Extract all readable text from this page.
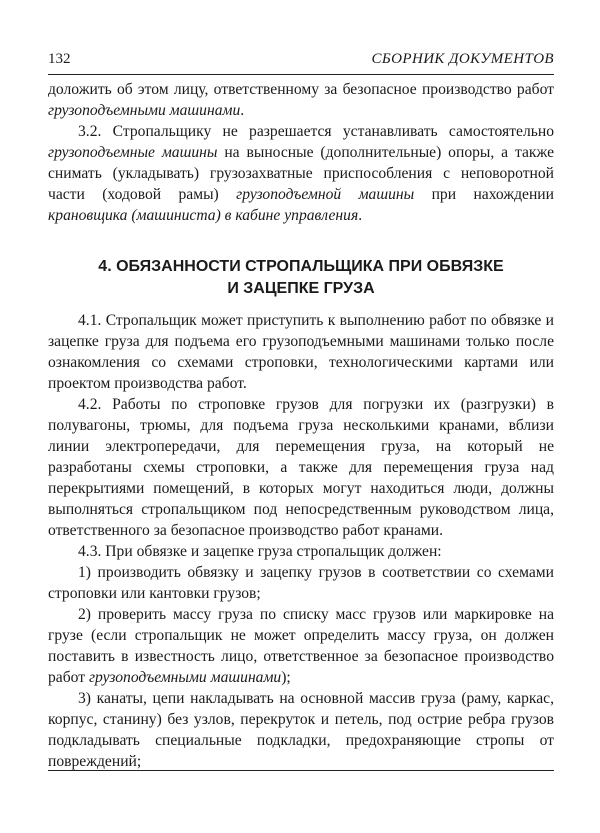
132	СБОРНИК ДОКУМЕНТОВ

доложить об этом лицу, ответственному за безопасное производство работ грузоподъемными машинами.

3.2. Стропальщику не разрешается устанавливать самостоятельно грузоподъемные машины на выносные (дополнительные) опоры, а также снимать (укладывать) грузозахватные приспособления с неповоротной части (ходовой рамы) грузоподъемной машины при нахождении крановщика (машиниста) в кабине управления.

4. ОБЯЗАННОСТИ СТРОПАЛЬЩИКА ПРИ ОБВЯЗКЕ
И ЗАЦЕПКЕ ГРУЗА

4.1. Стропальщик может приступить к выполнению работ по обвязке и зацепке груза для подъема его грузоподъемными машинами только после ознакомления со схемами строповки, технологическими картами или проектом производства работ.

4.2. Работы по строповке грузов для погрузки их (разгрузки) в полувагоны, трюмы, для подъема груза несколькими кранами, вблизи линии электропередачи, для перемещения груза, на который не разработаны схемы строповки, а также для перемещения груза над перекрытиями помещений, в которых могут находиться люди, должны выполняться стропальщиком под непосредственным руководством лица, ответственного за безопасное производство работ кранами.

4.3. При обвязке и зацепке груза стропальщик должен:

1) производить обвязку и зацепку грузов в соответствии со схемами строповки или кантовки грузов;

2) проверить массу груза по списку масс грузов или маркировке на грузе (если стропальщик не может определить массу груза, он должен поставить в известность лицо, ответственное за безопасное производство работ грузоподъемными машинами);

3) канаты, цепи накладывать на основной массив груза (раму, каркас, корпус, станину) без узлов, перекруток и петель, под острие ребра грузов подкладывать специальные подкладки, предохраняющие стропы от повреждений;
